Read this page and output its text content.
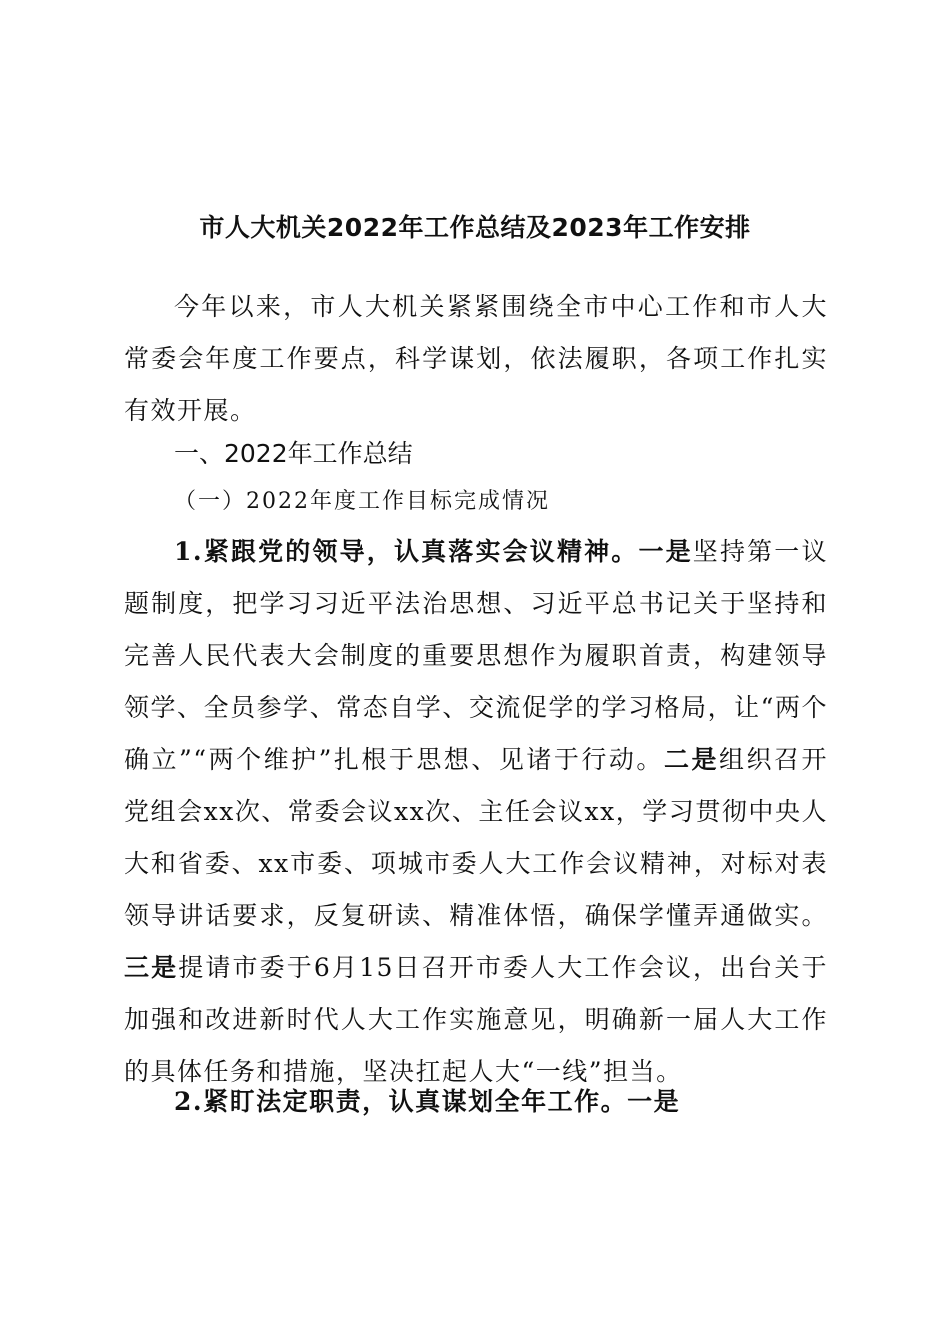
市人大机关2022年工作总结及2023年工作安排

今年以来，市人大机关紧紧围绕全市中心工作和市人大常委会年度工作要点，科学谋划，依法履职，各项工作扎实有效开展。

一、2022年工作总结

（一）2022年度工作目标完成情况

1.紧跟党的领导，认真落实会议精神。一是坚持第一议题制度，把学习习近平法治思想、习近平总书记关于坚持和完善人民代表大会制度的重要思想作为履职首责，构建领导领学、全员参学、常态自学、交流促学的学习格局，让“两个确立”“两个维护”扎根于思想、见诸于行动。二是组织召开党组会xx次、常委会议xx次、主任会议xx，学习贯彻中央人大和省委、xx市委、项城市委人大工作会议精神，对标对表领导讲话要求，反复研读、精准体悟，确保学懂弄通做实。三是提请市委于6月15日召开市委人大工作会议，出台关于加强和改进新时代人大工作实施意见，明确新一届人大工作的具体任务和措施，坚决扛起人大“一线”担当。

2.紧盯法定职责，认真谋划全年工作。一是
